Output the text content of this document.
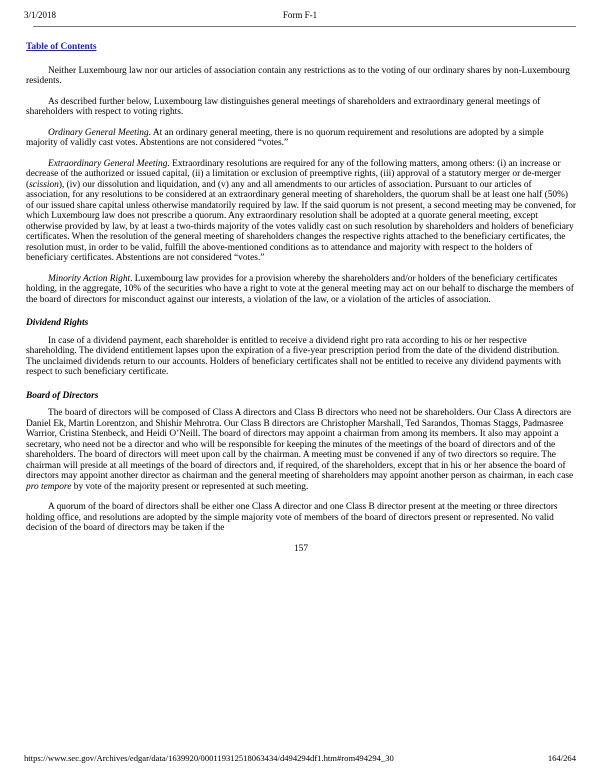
3/1/2018	Form F-1
Table of Contents

Neither Luxembourg law nor our articles of association contain any restrictions as to the voting of our ordinary shares by non-Luxembourg residents.

As described further below, Luxembourg law distinguishes general meetings of shareholders and extraordinary general meetings of shareholders with respect to voting rights.

Ordinary General Meeting. At an ordinary general meeting, there is no quorum requirement and resolutions are adopted by a simple majority of validly cast votes. Abstentions are not considered “votes.”

Extraordinary General Meeting. Extraordinary resolutions are required for any of the following matters, among others: (i) an increase or decrease of the authorized or issued capital, (ii) a limitation or exclusion of preemptive rights, (iii) approval of a statutory merger or de-merger (scission), (iv) our dissolution and liquidation, and (v) any and all amendments to our articles of association. Pursuant to our articles of association, for any resolutions to be considered at an extraordinary general meeting of shareholders, the quorum shall be at least one half (50%) of our issued share capital unless otherwise mandatorily required by law. If the said quorum is not present, a second meeting may be convened, for which Luxembourg law does not prescribe a quorum. Any extraordinary resolution shall be adopted at a quorate general meeting, except otherwise provided by law, by at least a two-thirds majority of the votes validly cast on such resolution by shareholders and holders of beneficiary certificates. When the resolution of the general meeting of shareholders changes the respective rights attached to the beneficiary certificates, the resolution must, in order to be valid, fulfill the above-mentioned conditions as to attendance and majority with respect to the holders of beneficiary certificates. Abstentions are not considered “votes.”

Minority Action Right. Luxembourg law provides for a provision whereby the shareholders and/or holders of the beneficiary certificates holding, in the aggregate, 10% of the securities who have a right to vote at the general meeting may act on our behalf to discharge the members of the board of directors for misconduct against our interests, a violation of the law, or a violation of the articles of association.

Dividend Rights

In case of a dividend payment, each shareholder is entitled to receive a dividend right pro rata according to his or her respective shareholding. The dividend entitlement lapses upon the expiration of a five-year prescription period from the date of the dividend distribution. The unclaimed dividends return to our accounts. Holders of beneficiary certificates shall not be entitled to receive any dividend payments with respect to such beneficiary certificate.

Board of Directors

The board of directors will be composed of Class A directors and Class B directors who need not be shareholders. Our Class A directors are Daniel Ek, Martin Lorentzon, and Shishir Mehrotra. Our Class B directors are Christopher Marshall, Ted Sarandos, Thomas Staggs, Padmasree Warrior, Cristina Stenbeck, and Heidi O’Neill. The board of directors may appoint a chairman from among its members. It also may appoint a secretary, who need not be a director and who will be responsible for keeping the minutes of the meetings of the board of directors and of the shareholders. The board of directors will meet upon call by the chairman. A meeting must be convened if any of two directors so require. The chairman will preside at all meetings of the board of directors and, if required, of the shareholders, except that in his or her absence the board of directors may appoint another director as chairman and the general meeting of shareholders may appoint another person as chairman, in each case pro tempore by vote of the majority present or represented at such meeting.

A quorum of the board of directors shall be either one Class A director and one Class B director present at the meeting or three directors holding office, and resolutions are adopted by the simple majority vote of members of the board of directors present or represented. No valid decision of the board of directors may be taken if the

157

https://www.sec.gov/Archives/edgar/data/1639920/000119312518063434/d494294df1.htm#rom494294_30	164/264
